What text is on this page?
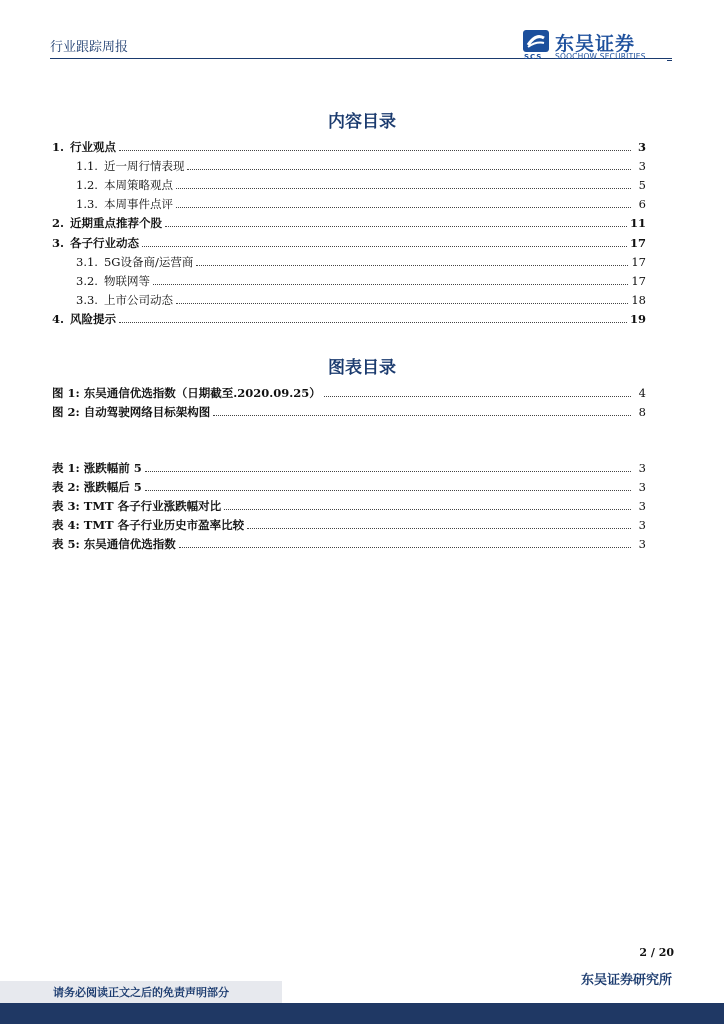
行业跟踪周报	东吴证券
SCS SOOCHOW SECURITIES
内容目录
1. 行业观点	3
1.1. 近一周行情表现	3
1.2. 本周策略观点	5
1.3. 本周事件点评	6
2. 近期重点推荐个股	11
3. 各子行业动态	17
3.1. 5G设备商/运营商	17
3.2. 物联网等	17
3.3. 上市公司动态	18
4. 风险提示	19
图表目录
图 1: 东吴通信优选指数（日期截至.2020.09.25）	4
图 2: 自动驾驶网络目标架构图	8
表 1: 涨跌幅前 5	3
表 2: 涨跌幅后 5	3
表 3: TMT 各子行业涨跌幅对比	3
表 4: TMT 各子行业历史市盈率比较	3
表 5: 东吴通信优选指数	3
2 / 20
东吴证券研究所
请务必阅读正文之后的免责声明部分
